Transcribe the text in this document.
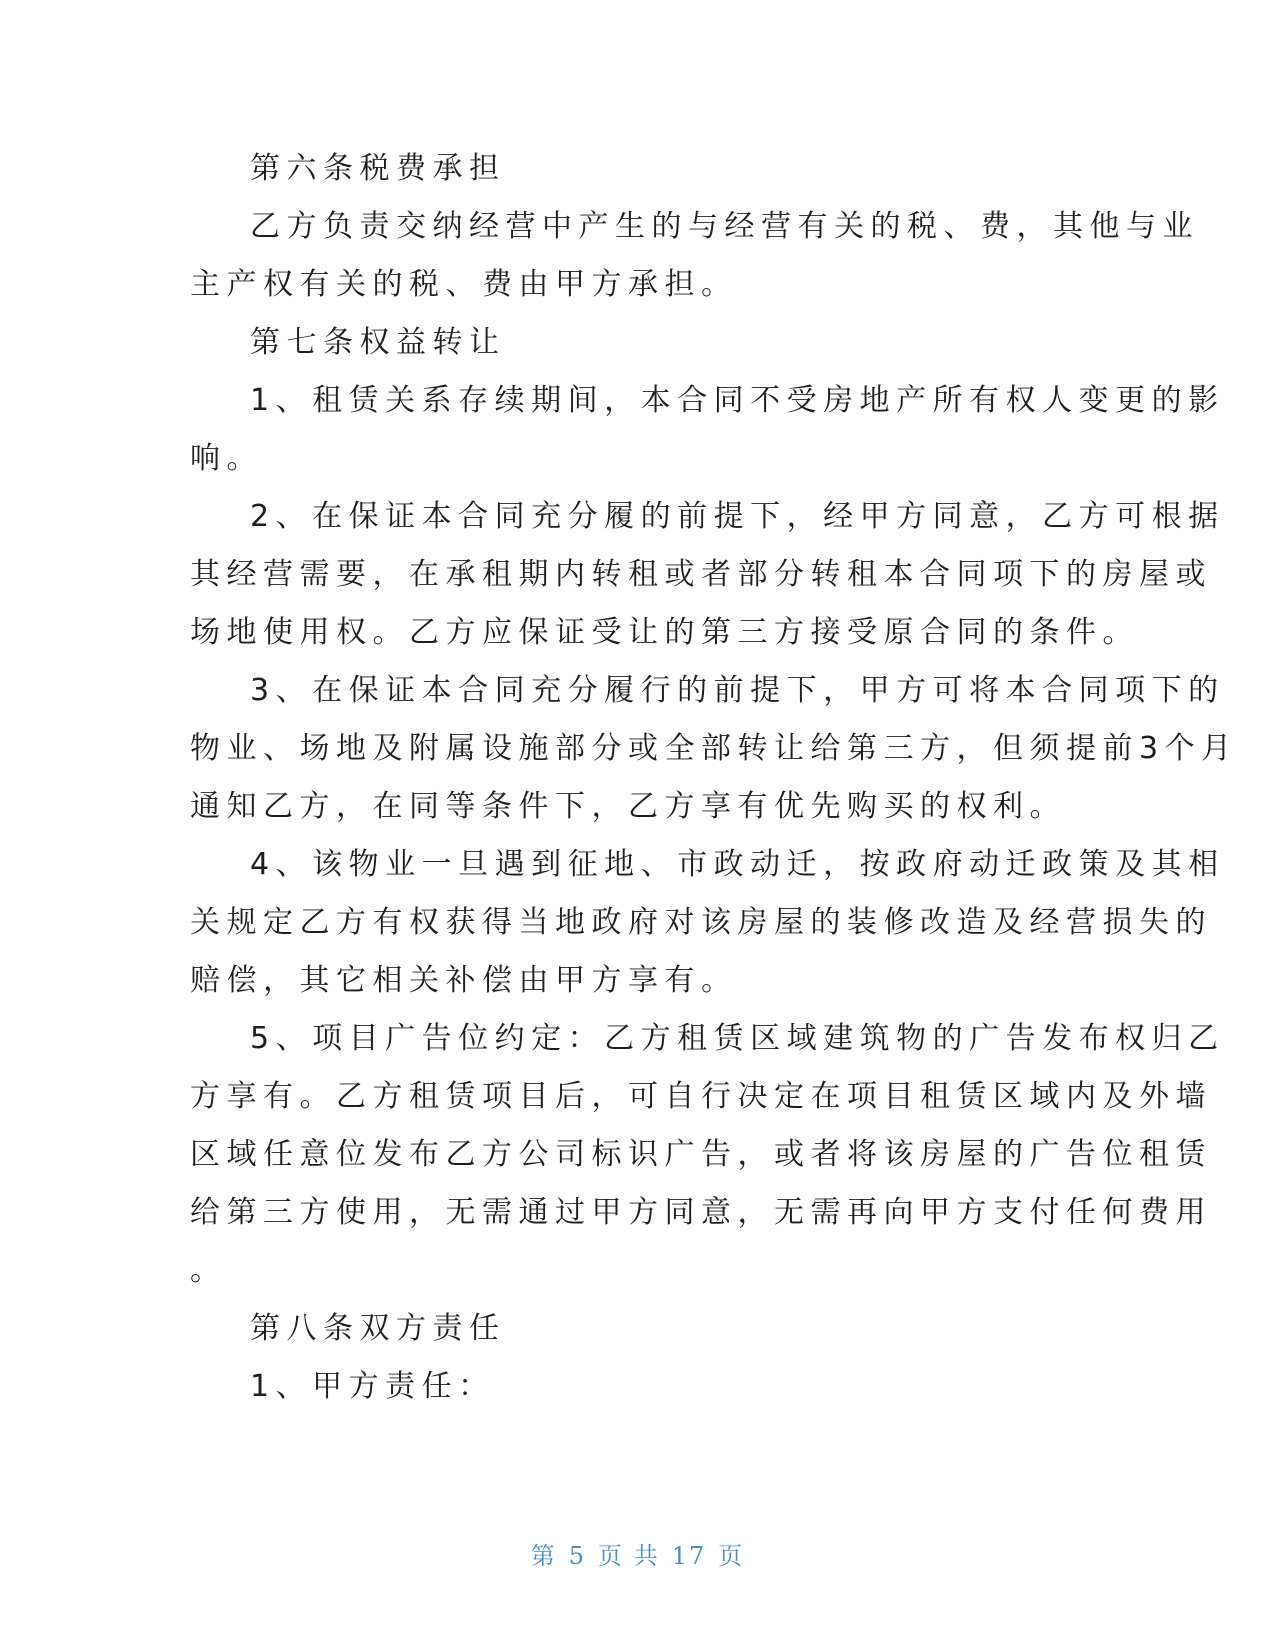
第六条税费承担
乙方负责交纳经营中产生的与经营有关的税、费，其他与业
主产权有关的税、费由甲方承担。
第七条权益转让
1、租赁关系存续期间，本合同不受房地产所有权人变更的影
响。
2、在保证本合同充分履的前提下，经甲方同意，乙方可根据
其经营需要，在承租期内转租或者部分转租本合同项下的房屋或
场地使用权。乙方应保证受让的第三方接受原合同的条件。
3、在保证本合同充分履行的前提下，甲方可将本合同项下的
物业、场地及附属设施部分或全部转让给第三方，但须提前3个月
通知乙方，在同等条件下，乙方享有优先购买的权利。
4、该物业一旦遇到征地、市政动迁，按政府动迁政策及其相
关规定乙方有权获得当地政府对该房屋的装修改造及经营损失的
赔偿，其它相关补偿由甲方享有。
5、项目广告位约定：乙方租赁区域建筑物的广告发布权归乙
方享有。乙方租赁项目后，可自行决定在项目租赁区域内及外墙
区域任意位发布乙方公司标识广告，或者将该房屋的广告位租赁
给第三方使用，无需通过甲方同意，无需再向甲方支付任何费用
。
第八条双方责任
1、甲方责任：
第 5 页 共 17 页
